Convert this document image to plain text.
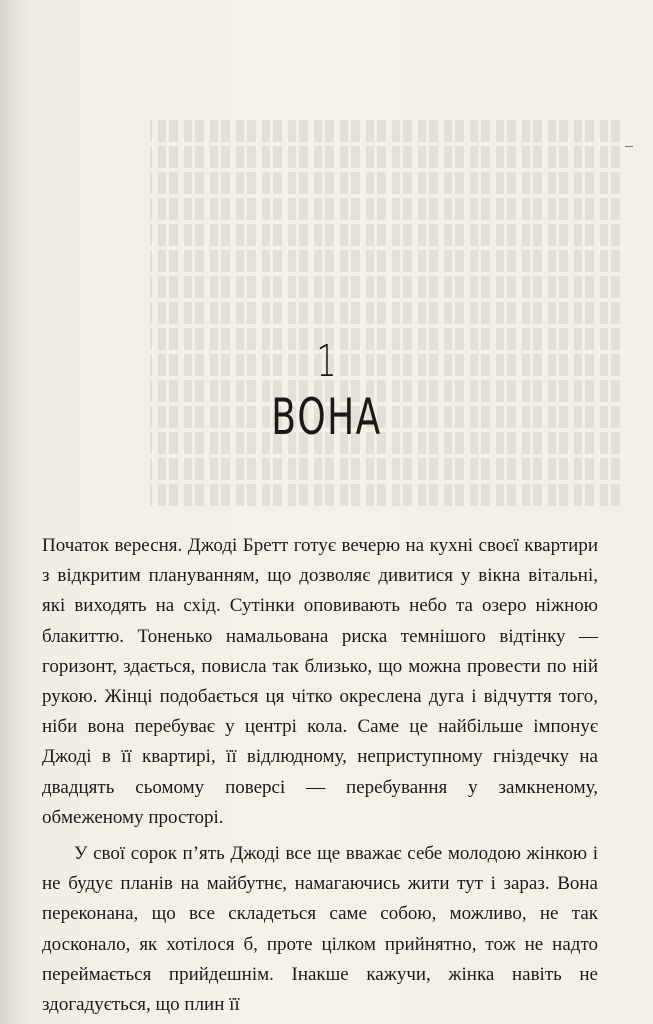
1
ВОНА

Початок вересня. Джоді Бретт готує вечерю на кухні своєї квартири з відкритим плануванням, що дозволяє дивитися у вікна вітальні, які виходять на схід. Сутінки оповивають небо та озеро ніжною блакиттю. Тоненько намальована риска темнішого відтінку — горизонт, здається, повисла так близько, що можна провести по ній рукою. Жінці подобається ця чітко окреслена дуга і відчуття того, ніби вона перебуває у центрі кола. Саме це найбільше імпонує Джоді в її квартирі, її відлюдному, неприступному гніздечку на двадцять сьомому поверсі — перебування у замкненому, обмеженому просторі.

У свої сорок п’ять Джоді все ще вважає себе молодою жінкою і не будує планів на майбутнє, намагаючись жити тут і зараз. Вона переконана, що все складеться саме собою, можливо, не так досконало, як хотілося б, проте цілком прийнятно, тож не надто переймається прийдешнім. Інакше кажучи, жінка навіть не здогадується, що плин її
